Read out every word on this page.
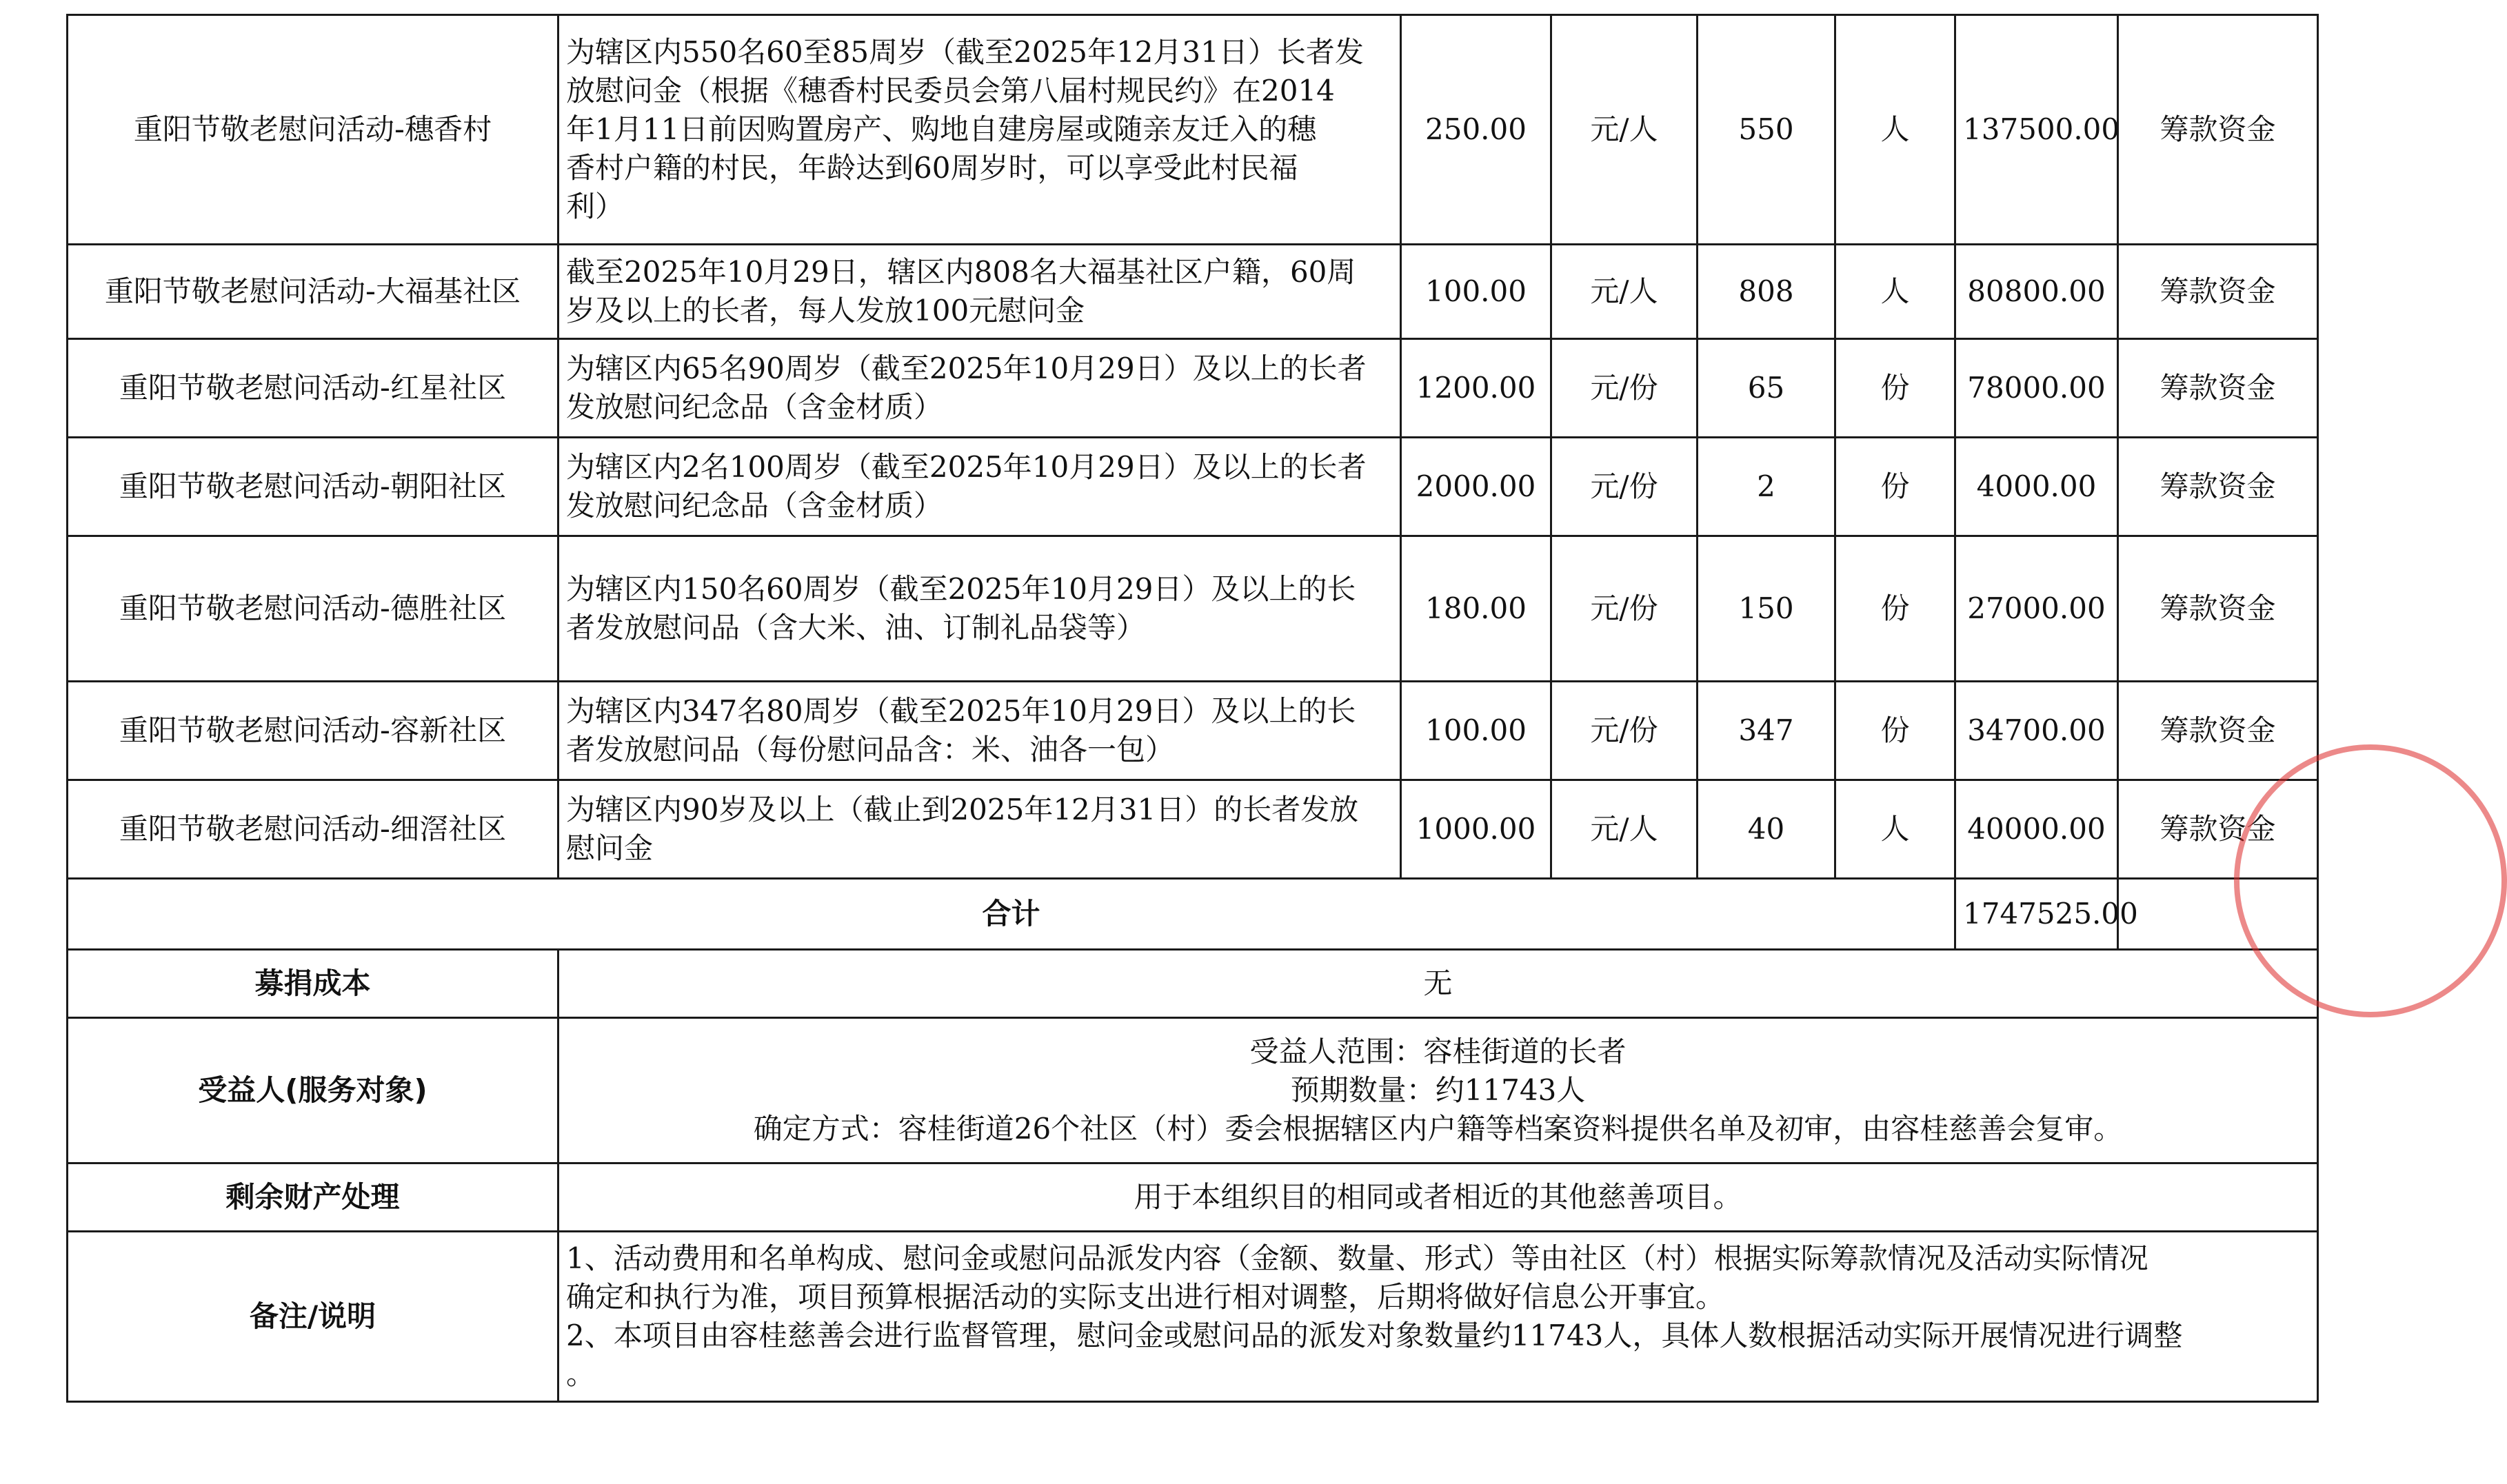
重阳节敬老慰问活动-穗香村	为辖区内550名60至85周岁（截至2025年12月31日）长者发
放慰问金（根据《穗香村民委员会第八届村规民约》在2014
年1月11日前因购置房产、购地自建房屋或随亲友迁入的穗
香村户籍的村民，年龄达到60周岁时，可以享受此村民福
利）	250.00	元/人	550	人	137500.00	筹款资金
重阳节敬老慰问活动-大福基社区	截至2025年10月29日，辖区内808名大福基社区户籍，60周
岁及以上的长者，每人发放100元慰问金	100.00	元/人	808	人	80800.00	筹款资金
重阳节敬老慰问活动-红星社区	为辖区内65名90周岁（截至2025年10月29日）及以上的长者
发放慰问纪念品（含金材质）	1200.00	元/份	65	份	78000.00	筹款资金
重阳节敬老慰问活动-朝阳社区	为辖区内2名100周岁（截至2025年10月29日）及以上的长者
发放慰问纪念品（含金材质）	2000.00	元/份	2	份	4000.00	筹款资金
重阳节敬老慰问活动-德胜社区	为辖区内150名60周岁（截至2025年10月29日）及以上的长
者发放慰问品（含大米、油、订制礼品袋等）	180.00	元/份	150	份	27000.00	筹款资金
重阳节敬老慰问活动-容新社区	为辖区内347名80周岁（截至2025年10月29日）及以上的长
者发放慰问品（每份慰问品含：米、油各一包）	100.00	元/份	347	份	34700.00	筹款资金
重阳节敬老慰问活动-细滘社区	为辖区内90岁及以上（截止到2025年12月31日）的长者发放
慰问金	1000.00	元/人	40	人	40000.00	筹款资金
合计						1747525.00	
募捐成本	无						
受益人(服务对象)	受益人范围：容桂街道的长者
预期数量：约11743人
确定方式：容桂街道26个社区（村）委会根据辖区内户籍等档案资料提供名单及初审，由容桂慈善会复审。						

剩余财产处理	用于本组织目的相同或者相近的其他慈善项目。						
备注/说明	1、活动费用和名单构成、慰问金或慰问品派发内容（金额、数量、形式）等由社区（村）根据实际筹款情况及活动实际情况
确定和执行为准，项目预算根据活动的实际支出进行相对调整，后期将做好信息公开事宜。
2、本项目由容桂慈善会进行监督管理，慰问金或慰问品的派发对象数量约11743人，具体人数根据活动实际开展情况进行调整
。						
